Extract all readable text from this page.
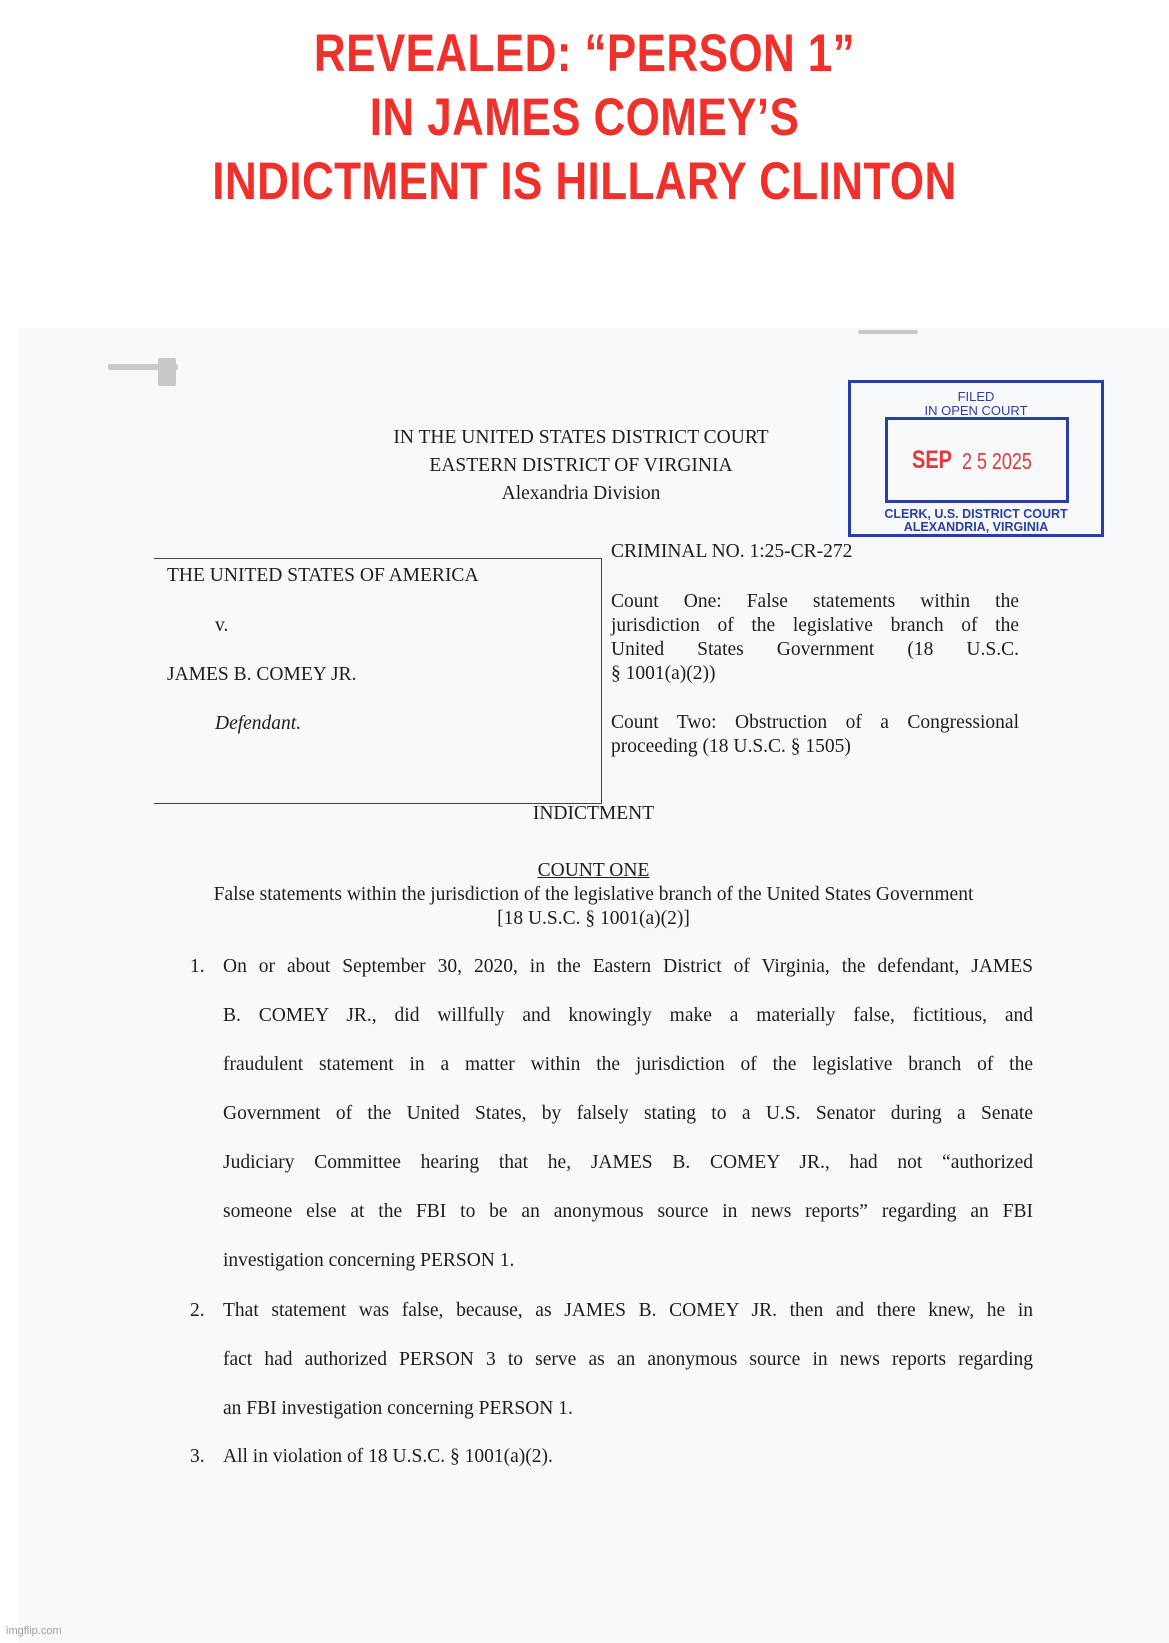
REVEALED: “PERSON 1”
IN JAMES COMEY’S
INDICTMENT IS HILLARY CLINTON
FILED
IN OPEN COURT
SEP 2 5 2025
CLERK, U.S. DISTRICT COURT
ALEXANDRIA, VIRGINIA
IN THE UNITED STATES DISTRICT COURT
EASTERN DISTRICT OF VIRGINIA
Alexandria Division
THE UNITED STATES OF AMERICA
v.
JAMES B. COMEY JR.
Defendant.
CRIMINAL NO. 1:25-CR-272
Count One: False statements within the
jurisdiction of the legislative branch of the
United States Government (18 U.S.C.
§ 1001(a)(2))
Count Two: Obstruction of a Congressional
proceeding (18 U.S.C. § 1505)
INDICTMENT
COUNT ONE
False statements within the jurisdiction of the legislative branch of the United States Government
[18 U.S.C. § 1001(a)(2)]
1. On or about September 30, 2020, in the Eastern District of Virginia, the defendant, JAMES
B. COMEY JR., did willfully and knowingly make a materially false, fictitious, and
fraudulent statement in a matter within the jurisdiction of the legislative branch of the
Government of the United States, by falsely stating to a U.S. Senator during a Senate
Judiciary Committee hearing that he, JAMES B. COMEY JR., had not “authorized
someone else at the FBI to be an anonymous source in news reports” regarding an FBI
investigation concerning PERSON 1.
2. That statement was false, because, as JAMES B. COMEY JR. then and there knew, he in
fact had authorized PERSON 3 to serve as an anonymous source in news reports regarding
an FBI investigation concerning PERSON 1.
3. All in violation of 18 U.S.C. § 1001(a)(2).
imgflip.com
